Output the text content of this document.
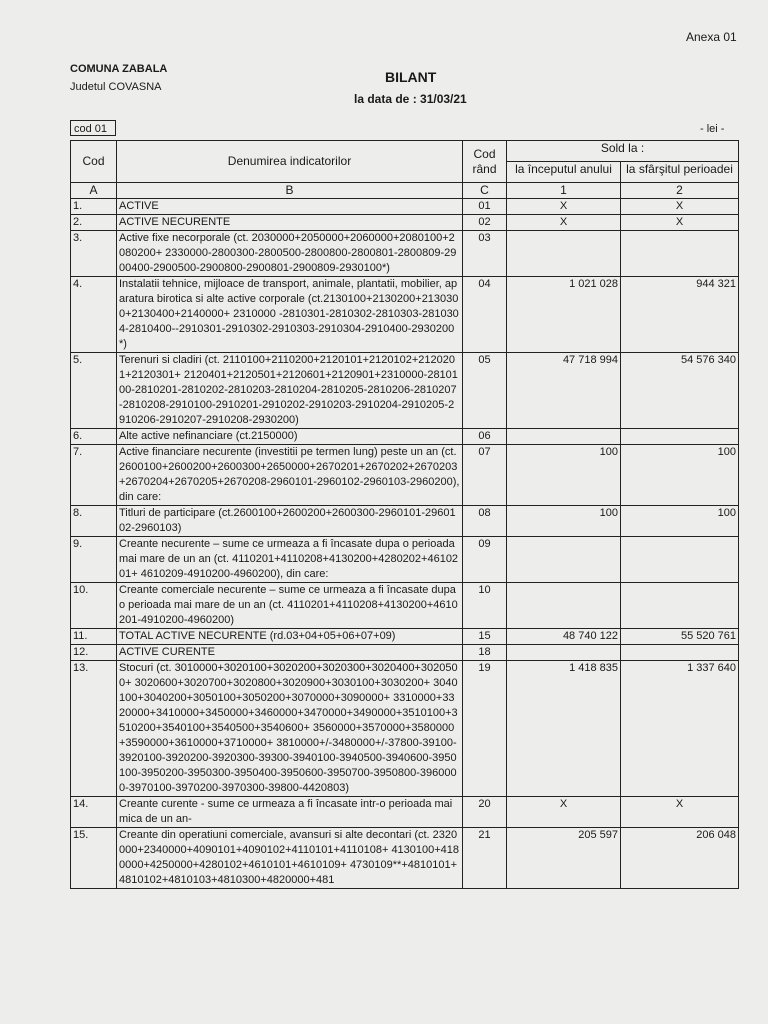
Anexa 01
COMUNA ZABALA
Judetul COVASNA
BILANT
la data de : 31/03/21
cod 01	- lei -
Cod	Denumirea indicatorilor	Cod rând	Sold la :	
			la începutul anului	la sfârşitul perioadei
A	B	C	1	2
1.	ACTIVE	01	X	X
2.	ACTIVE NECURENTE	02	X	X
3.	Active fixe necorporale (ct. 2030000+2050000+2060000+2080100+2080200+ 2330000-2800300-2800500-2800800-2800801-2800809-2900400-2900500-2900800-2900801-2900809-2930100*)	03		
4.	Instalatii tehnice, mijloace de transport, animale, plantatii, mobilier, aparatura birotica si alte active corporale (ct.2130100+2130200+2130300+2130400+2140000+ 2310000 -2810301-2810302-2810303-2810304-2810400--2910301-2910302-2910303-2910304-2910400-2930200*)	04	1 021 028	944 321
5.	Terenuri si cladiri (ct. 2110100+2110200+2120101+2120102+2120201+2120301+ 2120401+2120501+2120601+2120901+2310000-2810100-2810201-2810202-2810203-2810204-2810205-2810206-2810207-2810208-2910100-2910201-2910202-2910203-2910204-2910205-2910206-2910207-2910208-2930200)	05	47 718 994	54 576 340
6.	Alte active nefinanciare (ct.2150000)	06		
7.	Active financiare necurente (investitii pe termen lung) peste un an (ct.2600100+2600200+2600300+2650000+2670201+2670202+2670203+2670204+2670205+2670208-2960101-2960102-2960103-2960200), din care:	07	100	100
8.	Titluri de participare (ct.2600100+2600200+2600300-2960101-2960102-2960103)	08	100	100
9.	Creante necurente – sume ce urmeaza a fi încasate dupa o perioada mai mare de un an (ct. 4110201+4110208+4130200+4280202+4610201+ 4610209-4910200-4960200), din care:	09		
10.	Creante comerciale necurente – sume ce urmeaza a fi încasate dupa o perioada mai mare de un an (ct. 4110201+4110208+4130200+4610201-4910200-4960200)	10		
11.	TOTAL ACTIVE NECURENTE (rd.03+04+05+06+07+09)	15	48 740 122	55 520 761
12.	ACTIVE CURENTE	18		
13.	Stocuri (ct. 3010000+3020100+3020200+3020300+3020400+3020500+ 3020600+3020700+3020800+3020900+3030100+3030200+ 3040100+3040200+3050100+3050200+3070000+3090000+ 3310000+3320000+3410000+3450000+3460000+3470000+3490000+3510100+3510200+3540100+3540500+3540600+ 3560000+3570000+3580000+3590000+3610000+3710000+ 3810000+/-3480000+/-37800-39100-3920100-3920200-3920300-39300-3940100-3940500-3940600-3950100-3950200-3950300-3950400-3950600-3950700-3950800-3960000-3970100-3970200-3970300-39800-4420803)	19	1 418 835	1 337 640
14.	Creante curente - sume ce urmeaza a fi încasate intr-o perioada mai mica de un an-	20	X	X
15.	Creante din operatiuni comerciale, avansuri si alte decontari (ct. 2320000+2340000+4090101+4090102+4110101+4110108+ 4130100+4180000+4250000+4280102+4610101+4610109+ 4730109**+4810101+4810102+4810103+4810300+4820000+481	21	205 597	206 048
